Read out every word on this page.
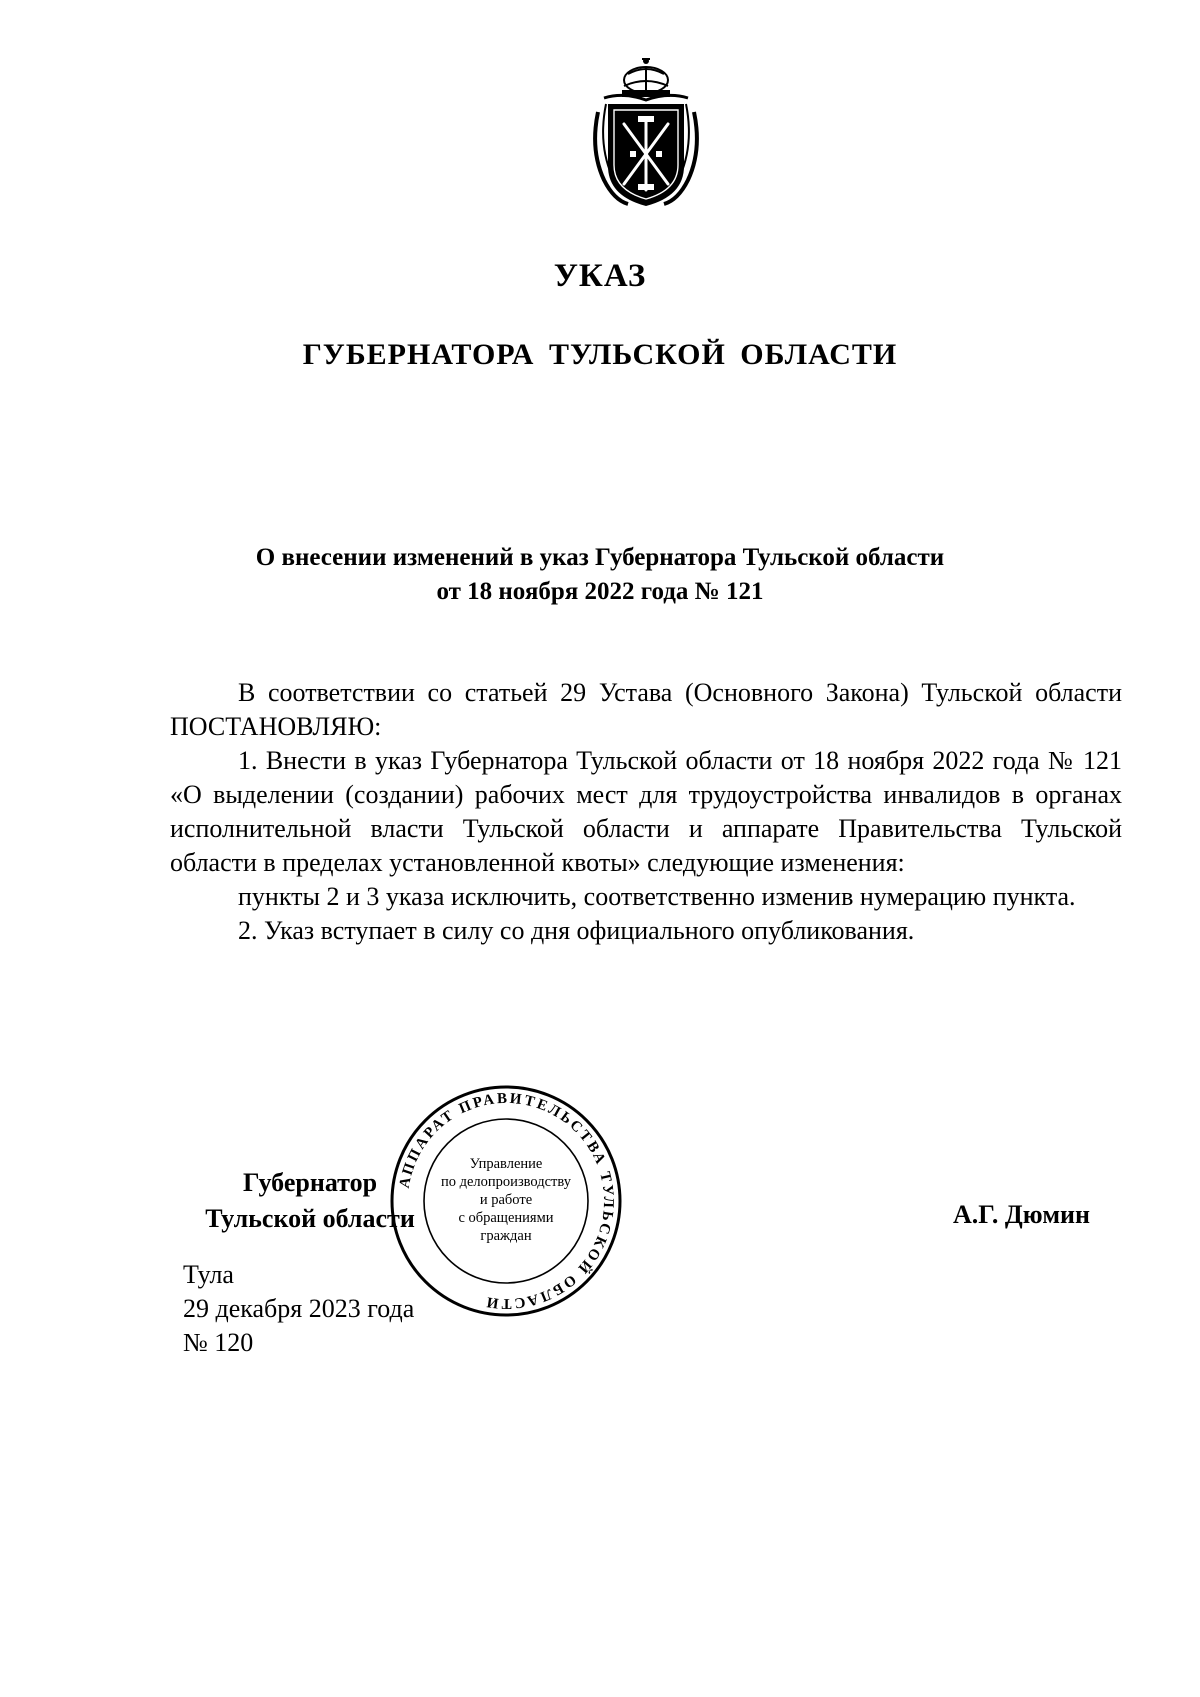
УКАЗ
ГУБЕРНАТОРА ТУЛЬСКОЙ ОБЛАСТИ
О внесении изменений в указ Губернатора Тульской области
от 18 ноября 2022 года № 121

В соответствии со статьей 29 Устава (Основного Закона) Тульской области ПОСТАНОВЛЯЮ:

1. Внести в указ Губернатора Тульской области от 18 ноября 2022 года № 121 «О выделении (создании) рабочих мест для трудоустройства инвалидов в органах исполнительной власти Тульской области и аппарате Правительства Тульской области в пределах установленной квоты» следующие изменения:

пункты 2 и 3 указа исключить, соответственно изменив нумерацию пункта.

2. Указ вступает в силу со дня официального опубликования.

Губернатор
Тульской области	А.Г. Дюмин
АППАРАТ ПРАВИТЕЛЬСТВА ТУЛЬСКОЙ ОБЛАСТИ
Управление
по делопроизводству
и работе
с обращениями
граждан
Тула
29 декабря 2023 года
№ 120
